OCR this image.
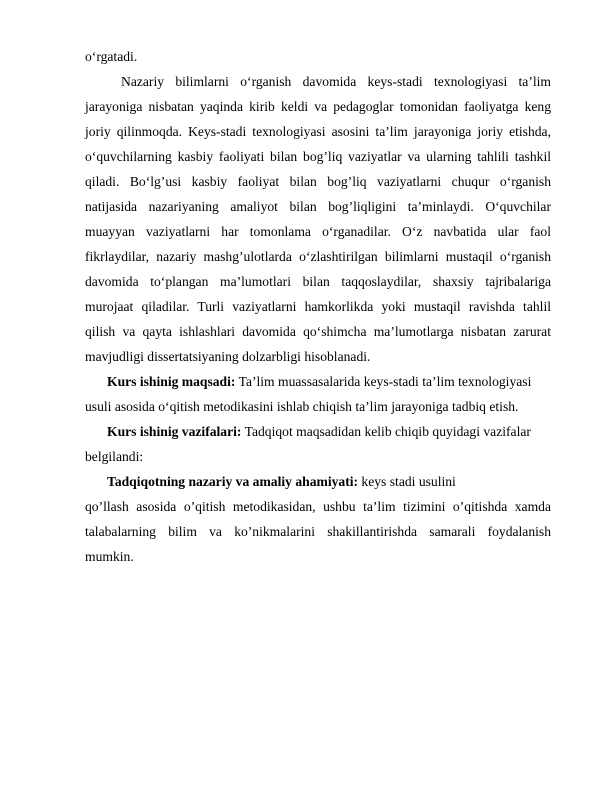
o‘rgatadi.
Nazariy bilimlarni o‘rganish davomida keys-stadi texnologiyasi ta’lim
jarayoniga nisbatan yaqinda kirib keldi va pedagoglar tomonidan faoliyatga keng
joriy qilinmoqda. Keys-stadi texnologiyasi asosini ta’lim jarayoniga joriy etishda,
o‘quvchilarning kasbiy faoliyati bilan bog’liq vaziyatlar va ularning tahlili tashkil
qiladi. Bo‘lg’usi kasbiy faoliyat bilan bog’liq vaziyatlarni chuqur o‘rganish
natijasida nazariyaning amaliyot bilan bog’liqligini ta’minlaydi. O‘quvchilar
muayyan vaziyatlarni har tomonlama o‘rganadilar. O‘z navbatida ular faol
fikrlaydilar, nazariy mashg’ulotlarda o‘zlashtirilgan bilimlarni mustaqil o‘rganish
davomida to‘plangan ma’lumotlari bilan taqqoslaydilar, shaxsiy tajribalariga
murojaat qiladilar. Turli vaziyatlarni hamkorlikda yoki mustaqil ravishda tahlil
qilish va qayta ishlashlari davomida qo‘shimcha ma’lumotlarga nisbatan zarurat
mavjudligi dissertatsiyaning dolzarbligi hisoblanadi.
Kurs ishinig maqsadi: Ta’lim muassasalarida keys-stadi ta’lim texnologiyasi
usuli asosida o‘qitish metodikasini ishlab chiqish ta’lim jarayoniga tadbiq etish.
Kurs ishinig vazifalari: Tadqiqot maqsadidan kelib chiqib quyidagi vazifalar
belgilandi:
Tadqiqotning nazariy va amaliy ahamiyati: keys stadi usulini
qo’llash asosida o’qitish metodikasidan, ushbu ta’lim tizimini o’qitishda xamda
talabalarning bilim va ko’nikmalarini shakillantirishda samarali foydalanish
mumkin.
